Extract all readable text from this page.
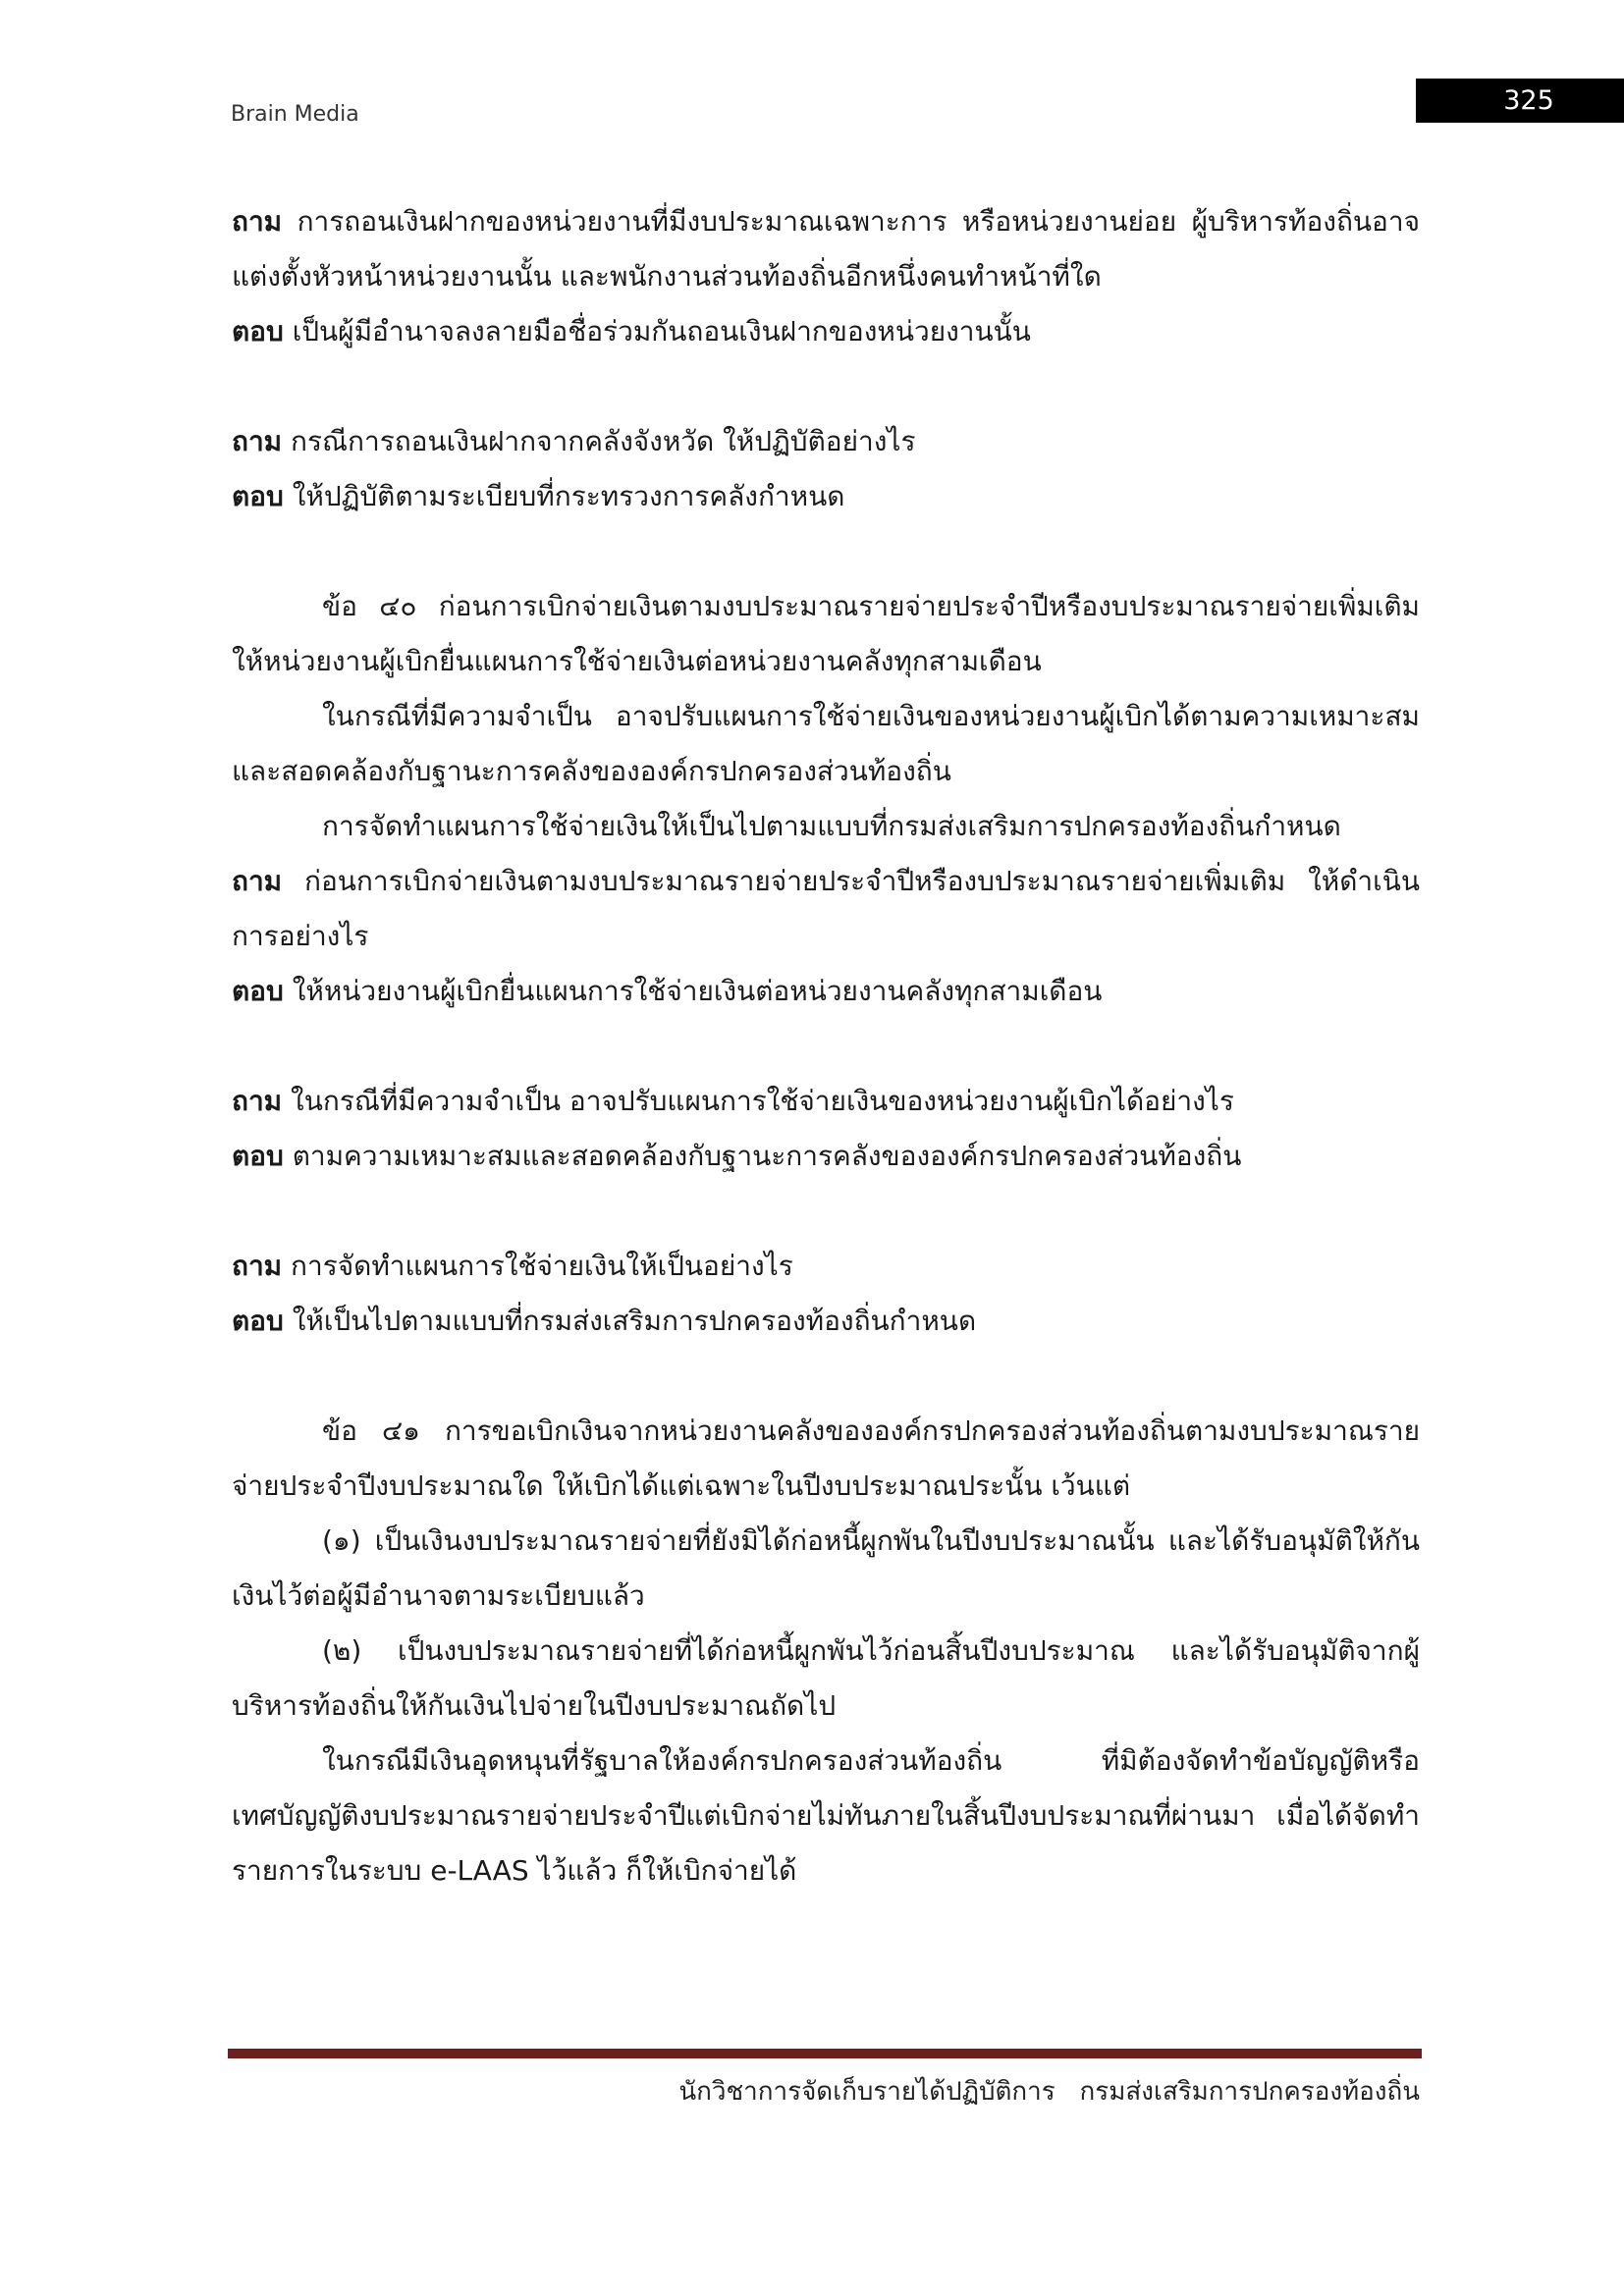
Brain Media	325

ถาม การถอนเงินฝากของหน่วยงานที่มีงบประมาณเฉพาะการ หรือหน่วยงานย่อย ผู้บริหารท้องถิ่นอาจแต่งตั้งหัวหน้าหน่วยงานนั้น และพนักงานส่วนท้องถิ่นอีกหนึ่งคนทำหน้าที่ใด

ตอบ เป็นผู้มีอำนาจลงลายมือชื่อร่วมกันถอนเงินฝากของหน่วยงานนั้น

ถาม กรณีการถอนเงินฝากจากคลังจังหวัด ให้ปฏิบัติอย่างไร

ตอบ ให้ปฏิบัติตามระเบียบที่กระทรวงการคลังกำหนด

ข้อ ๔๐ ก่อนการเบิกจ่ายเงินตามงบประมาณรายจ่ายประจำปีหรืองบประมาณรายจ่ายเพิ่มเติม ให้หน่วยงานผู้เบิกยื่นแผนการใช้จ่ายเงินต่อหน่วยงานคลังทุกสามเดือน

ในกรณีที่มีความจำเป็น อาจปรับแผนการใช้จ่ายเงินของหน่วยงานผู้เบิกได้ตามความเหมาะสมและสอดคล้องกับฐานะการคลังขององค์กรปกครองส่วนท้องถิ่น

การจัดทำแผนการใช้จ่ายเงินให้เป็นไปตามแบบที่กรมส่งเสริมการปกครองท้องถิ่นกำหนด

ถาม ก่อนการเบิกจ่ายเงินตามงบประมาณรายจ่ายประจำปีหรืองบประมาณรายจ่ายเพิ่มเติม ให้ดำเนินการอย่างไร

ตอบ ให้หน่วยงานผู้เบิกยื่นแผนการใช้จ่ายเงินต่อหน่วยงานคลังทุกสามเดือน

ถาม ในกรณีที่มีความจำเป็น อาจปรับแผนการใช้จ่ายเงินของหน่วยงานผู้เบิกได้อย่างไร

ตอบ ตามความเหมาะสมและสอดคล้องกับฐานะการคลังขององค์กรปกครองส่วนท้องถิ่น

ถาม การจัดทำแผนการใช้จ่ายเงินให้เป็นอย่างไร

ตอบ ให้เป็นไปตามแบบที่กรมส่งเสริมการปกครองท้องถิ่นกำหนด

ข้อ ๔๑ การขอเบิกเงินจากหน่วยงานคลังขององค์กรปกครองส่วนท้องถิ่นตามงบประมาณรายจ่ายประจำปีงบประมาณใด ให้เบิกได้แต่เฉพาะในปีงบประมาณประนั้น เว้นแต่

(๑) เป็นเงินงบประมาณรายจ่ายที่ยังมิได้ก่อหนี้ผูกพันในปีงบประมาณนั้น และได้รับอนุมัติให้กันเงินไว้ต่อผู้มีอำนาจตามระเบียบแล้ว

(๒) เป็นงบประมาณรายจ่ายที่ได้ก่อหนี้ผูกพันไว้ก่อนสิ้นปีงบประมาณ และได้รับอนุมัติจากผู้บริหารท้องถิ่นให้กันเงินไปจ่ายในปีงบประมาณถัดไป

ในกรณีมีเงินอุดหนุนที่รัฐบาลให้องค์กรปกครองส่วนท้องถิ่น ที่มิต้องจัดทำข้อบัญญัติหรือเทศบัญญัติงบประมาณรายจ่ายประจำปีแต่เบิกจ่ายไม่ทันภายในสิ้นปีงบประมาณที่ผ่านมา เมื่อได้จัดทำรายการในระบบ e-LAAS ไว้แล้ว ก็ให้เบิกจ่ายได้

นักวิชาการจัดเก็บรายได้ปฏิบัติการ   กรมส่งเสริมการปกครองท้องถิ่น
